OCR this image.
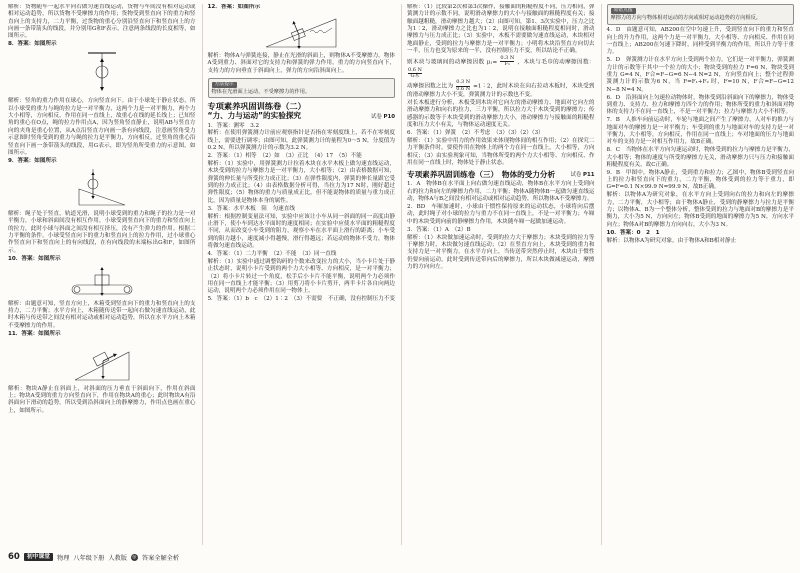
解析：货物随车一起水平向右做匀速直线运动，货物与车间没有相对运动或相对运动趋势，所以货物不受摩擦力的作用；货物受到竖直向下的重力和竖直向上的支持力，二力平衡，过货物的重心分别沿竖直向下和竖直向上的方向画一条带箭头的线段，并分别用G和F表示，注意两条线段的长度相等，如图所示。

8．答案：如图所示

解析：竖角的重力作用在球心，方向竖直向下。由于小球处于静止状态，所以小球受的重力与绳的拉力是一对平衡力，这两个力是一对平衡力，两个力大小相等，方向相反，作用在同一直线上，故重心在线的延长线上；已知竖角的重心在O点，绳的拉力作用点A，因为竖角竖直静止，说明AB与竖直方向的夹角是重心位置，从A点沿竖直方向画一条有向线段，注意画竖角受力示意图时竖角受到的重力与绳的拉力是平衡力，方向相反，过竖角的重心沿竖直向下画一条带箭头的线段，用G表示，即为竖角所受重力的示意图，如图所示。

9．答案：如图所示

解析：绳子处于竖直，轨道光滑，说明小球受到的重力和绳子的拉力是一对平衡力，小球和斜面间没有相互作用，小球受到竖直向下的重力和竖直向上的拉力，此时小球与斜面之间没有相互挤压，没有产生弹力的作用。根据二力平衡的条件，小球受竖直向下的重力和竖直向上的拉力作用，过小球重心作竖直向下和竖直向上的有向线段，在有向线段的末端标出G和F，如图所示。

10．答案：如图所示

解析：由题意可知，竖直方向上，木箱受到竖直向下的重力和竖直向上的支持力，二力平衡；水平方向上，木箱随传送带一起向右做匀速直线运动，此时木箱与传送带之间没有相对运动或相对运动趋势，所以在水平方向上木箱不受摩擦力的作用。

11．答案：如图所示

解析：物块A静止在斜面上，对斜面的压力垂直于斜面向下，作用在斜面上；物块A受到的重力方向竖直向下，作用在物块A的重心；此时物块A有沿斜面向下滑动的趋势，所以受到沿斜面向上的静摩擦力，作用点也画在重心上，如图所示。

12．答案：如图所示

解析：物体A与弹簧连接，静止在光滑的斜面上，则物体A不受摩擦力，物体A受到重力、斜面对它的支持力和弹簧的弹力作用，重力的方向竖直向下，支持力的方向垂直于斜面向上，弹力的方向沿斜面向上。

方法提示

物体在光滑面上运动，不受摩擦力的作用。

专项素养巩固训练卷（二）
“力、力与运动”的实验探究	试卷 P10

1．答案：测零　3.2

解析：在使用弹簧测力计前应观察指针是否指在零刻度线上，若不在零刻度线上，需要进行调零；由图可知，此弹簧测力计的量程为0～5 N，分度值为0.2 N，所以弹簧测力计的示数为3.2 N。

2．答案：（1）相等　（2）如　（3）正比　（4）17　（5）不能

解析：（1）实验中，用弹簧测力计拉着木块在水平木板上做匀速直线运动，木块受到的拉力与摩擦力是一对平衡力，大小相等；（2）由表格数据可知，弹簧的伸长量与所受拉力成正比；（3）在弹性限度内，弹簧的伸长量跟它受到的拉力成正比；（4）由表格数据分析可得，当拉力为17 N时，刚好超过弹性限度；（5）物体的重力与质量成正比，但不能说物体的质量与重力成正比，因为质量是物体本身的属性。

3．答案：水平木板　阻　匀速直线

解析：根据控制变量法可知，实验中应该让小车从同一斜面的同一高度由静止滑下，使小车到达水平面时的速度相同；在实验中应使水平面的粗糙程度不同，从而改变小车受到的阻力，观察小车在水平面上滑行的距离；小车受到的阻力越小，速度减小得越慢，滑行得越远；若运动的物体不受力，物体将做匀速直线运动。

4．答案：（1）二力平衡　（2）不能　（3）同一直线

解析：（1）实验中通过调整钩码的个数来改变拉力的大小，当小卡片处于静止状态时，说明小卡片受到的两个力大小相等、方向相反，是一对平衡力；（2）将小卡片转过一个角度，松手后小卡片不能平衡，说明两个力必须作用在同一直线上才能平衡；（3）用剪刀将小卡片剪开，两半卡片各自向两边运动，说明两个力必须作用在同一物体上。

5．答案：（1）b　c　（2）1∶2　（3）不需要　不正确，没有控制压力不变

解析：（1）比较第2次和第3次操作，接触面的粗糙程度不同，压力相同，弹簧测力计的示数不同，说明滑动摩擦力的大小与接触面的粗糙程度有关；接触面越粗糙，滑动摩擦力越大；（2）由图可知，第1、3次实验中，压力之比为1∶2，滑动摩擦力之比也为1∶2，说明在接触面粗糙程度相同时，滑动摩擦力与压力成正比；（3）实验中，木板不需要做匀速直线运动，木块相对地面静止，受到的拉力与摩擦力是一对平衡力；小明将木块沿竖直方向切去一半，压力也变为原来的一半，没有控制压力不变，所以结论不正确。

则木块与玻璃间的动摩擦因数 $\mu_1= \frac{0.3 N}{\text{F₁}}$ ，木块与毛巾的动摩擦因数：
$\frac{0.6 N}{\text{G木}}$

动摩擦因数之比为 $\frac{0.3 N}{0.6 N}$ =1∶2，此时木块在向右拉动木板时，木块受到的滑动摩擦力大小不变，弹簧测力计的示数也不变。

对长木板进行分析，木板受到木块对它向左的滑动摩擦力、地面对它向左的滑动摩擦力和向右的拉力，三力平衡，所以拉力大于木块受到的摩擦力；传感器的示数等于木块受到的滑动摩擦力大小，滑动摩擦力与接触面的粗糙程度和压力大小有关，与物体运动速度无关。

6．答案：（1）弹簧　（2）不考虑　（3）（3）（2）（3）

解析：（1）实验中用力的作用效果来体现物体间的相互作用；（2）在探究二力平衡条件时，要使作用在物体上的两个力在同一直线上，大小相等，方向相反；（3）由实验现象可知，当物体所受的两个力大小相等、方向相反、作用在同一直线上时，物体处于静止状态。

专项素养巩固训练卷（三）　物体的受力分析	试卷 P11

1．A　物体B在水平面上向右做匀速直线运动，物体B在水平方向上受到向右的拉力和向左的摩擦力作用，二力平衡；物体A随物体B一起做匀速直线运动，物体A与B之间没有相对运动或相对运动趋势，所以物体A不受摩擦力。

2．BD　车厢加速时，小球由于惯性保持原来的运动状态，小球将向后摆动，此时绳子对小球的拉力与重力不在同一直线上，不是一对平衡力；车厢中的木块受到向前的静摩擦力作用，木块随车厢一起做加速运动。

3．答案：（1）A　（2）B

解析：（1）木块做加速运动时，受到的拉力大于摩擦力；木块受到的拉力等于摩擦力时，木块做匀速直线运动；（2）在竖直方向上，木块受到的重力和支持力是一对平衡力，在水平方向上，当传送带突然停止时，木块由于惯性仍要向前运动，此时受到传送带向后的摩擦力，所以木块做减速运动，摩擦力的方向向左。

易错点拨

摩擦力的方向与物体相对运动的方向或相对运动趋势的方向相反。

4．D　由题意可知，AB200在空中匀速上升，受到竖直向下的重力和竖直向上的升力作用，这两个力是一对平衡力，大小相等、方向相反、作用在同一直线上；AB200在匀速下降时，同样受到平衡力的作用，所以升力等于重力。

5．D　弹簧测力计在水平方向上受到两个拉力，它们是一对平衡力，弹簧测力计的示数等于其中一个拉力的大小；物块受到的拉力 F=6 N，物块受到重力 G=4 N，F合=F−G=6 N−4 N=2 N，方向竖直向上；整个过程弹簧测力计的示数为6 N，当 F=F₁+F₂ 时，F=10 N，F合=F−G=12 N−8 N=4 N。

6．D　沿斜面向上匀速拉动物体时，物体受到沿斜面向下的摩擦力，物体受到重力、支持力、拉力和摩擦力四个力的作用；物体所受的重力和斜面对物体的支持力不在同一直线上，不是一对平衡力；拉力与摩擦力大小不相等。

7．B　人推车向前运动时，车轮与地面之间产生了摩擦力，人对车的推力与地面对车的摩擦力是一对平衡力；车受到的重力与地面对车的支持力是一对平衡力，大小相等，方向相反，作用在同一直线上；车对地面的压力与地面对车的支持力是一对相互作用力，故B正确。

8．C　当物体在水平方向匀速运动时，物体受到的拉力与摩擦力是平衡力，大小相等；物体的速度与所受的摩擦力无关，滑动摩擦力只与压力和接触面粗糙程度有关，故C正确。

9．B　甲图中，物体A静止，受到重力和拉力；乙图中，物体B受到竖直向上的拉力和竖直向下的重力，二力平衡，物体受到的拉力等于重力，即 G=F=0.1 N×99.9 N=99.9 N，故B正确。

解析：以物体A为研究对象，在水平方向上受到向右的拉力和向左的摩擦力，二力平衡，大小相等；由于物体A静止，受到的静摩擦力与拉力是平衡力；以物体A、B为一个整体分析，整体受到的拉力与地面对B的摩擦力是平衡力，大小为5 N，方向向左；物体B受到的地面的摩擦力为5 N，方向水平向左；物体A对B的摩擦力方向向右，大小为3 N。

10．答案：0　2　1

解析：以物体A为研究对象，由于物体A和B相对静止

60	初中课堂	物理 八年级下册 人教版	◎ 答案全解全析
